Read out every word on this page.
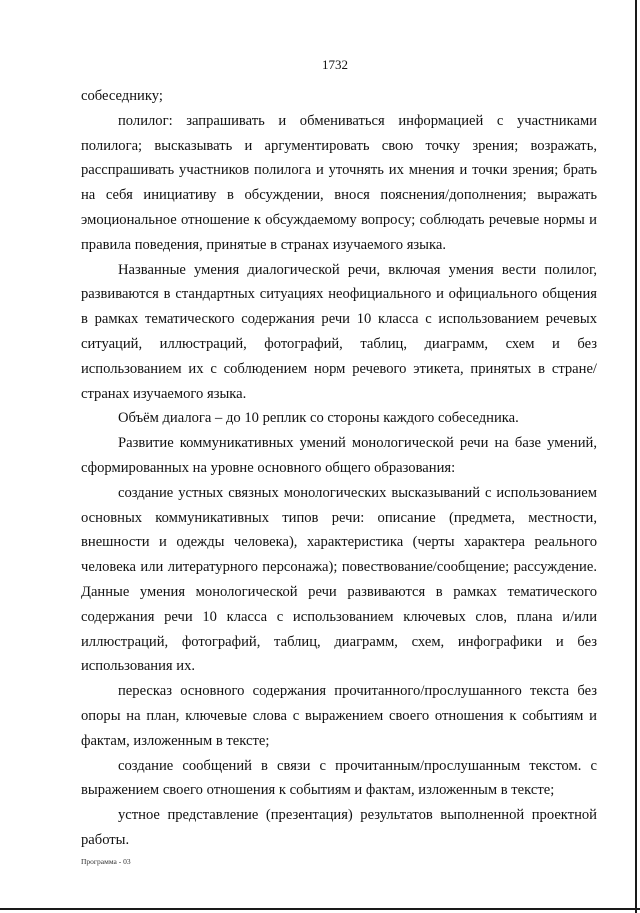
1732

собеседнику;

полилог: запрашивать и обмениваться информацией с участниками полилога; высказывать и аргументировать свою точку зрения; возражать, расспрашивать участников полилога и уточнять их мнения и точки зрения; брать на себя инициативу в обсуждении, внося пояснения/дополнения; выражать эмоциональное отношение к обсуждаемому вопросу; соблюдать речевые нормы и правила поведения, принятые в странах изучаемого языка.

Названные умения диалогической речи, включая умения вести полилог, развиваются в стандартных ситуациях неофициального и официального общения в рамках тематического содержания речи 10 класса с использованием речевых ситуаций, иллюстраций, фотографий, таблиц, диаграмм, схем и без использованием их с соблюдением норм речевого этикета, принятых в стране/странах изучаемого языка.

Объём диалога – до 10 реплик со стороны каждого собеседника.

Развитие коммуникативных умений монологической речи на базе умений, сформированных на уровне основного общего образования:

создание устных связных монологических высказываний с использованием основных коммуникативных типов речи: описание (предмета, местности, внешности и одежды человека), характеристика (черты характера реального человека или литературного персонажа); повествование/сообщение; рассуждение. Данные умения монологической речи развиваются в рамках тематического содержания речи 10 класса с использованием ключевых слов, плана и/или иллюстраций, фотографий, таблиц, диаграмм, схем, инфографики и без использования их.

пересказ основного содержания прочитанного/прослушанного текста без опоры на план, ключевые слова с выражением своего отношения к событиям и фактам, изложенным в тексте;

создание сообщений в связи с прочитанным/прослушанным текстом. с выражением своего отношения к событиям и фактам, изложенным в тексте;

устное представление (презентация) результатов выполненной проектной работы.

Программа - 03
